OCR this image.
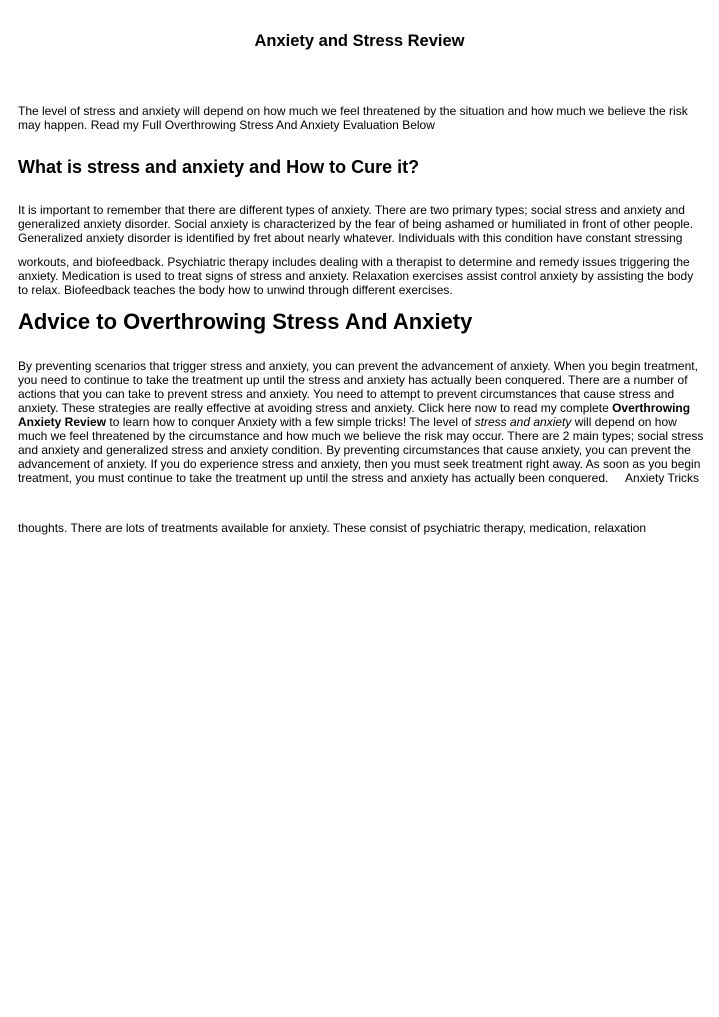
Anxiety and Stress Review

The level of stress and anxiety will depend on how much we feel threatened by the situation and how much we believe the risk may happen. Read my Full Overthrowing Stress And Anxiety Evaluation Below

What is stress and anxiety and How to Cure it?

It is important to remember that there are different types of anxiety. There are two primary types; social stress and anxiety and generalized anxiety disorder. Social anxiety is characterized by the fear of being ashamed or humiliated in front of other people. Generalized anxiety disorder is identified by fret about nearly whatever. Individuals with this condition have constant stressing

workouts, and biofeedback. Psychiatric therapy includes dealing with a therapist to determine and remedy issues triggering the anxiety. Medication is used to treat signs of stress and anxiety. Relaxation exercises assist control anxiety by assisting the body to relax. Biofeedback teaches the body how to unwind through different exercises.

Advice to Overthrowing Stress And Anxiety

By preventing scenarios that trigger stress and anxiety, you can prevent the advancement of anxiety. When you begin treatment, you need to continue to take the treatment up until the stress and anxiety has actually been conquered. There are a number of actions that you can take to prevent stress and anxiety. You need to attempt to prevent circumstances that cause stress and anxiety. These strategies are really effective at avoiding stress and anxiety. Click here now to read my complete Overthrowing Anxiety Review to learn how to conquer Anxiety with a few simple tricks! The level of stress and anxiety will depend on how much we feel threatened by the circumstance and how much we believe the risk may occur. There are 2 main types; social stress and anxiety and generalized stress and anxiety condition. By preventing circumstances that cause anxiety, you can prevent the advancement of anxiety. If you do experience stress and anxiety, then you must seek treatment right away. As soon as you begin treatment, you must continue to take the treatment up until the stress and anxiety has actually been conquered. Anxiety Tricks

thoughts. There are lots of treatments available for anxiety. These consist of psychiatric therapy, medication, relaxation
